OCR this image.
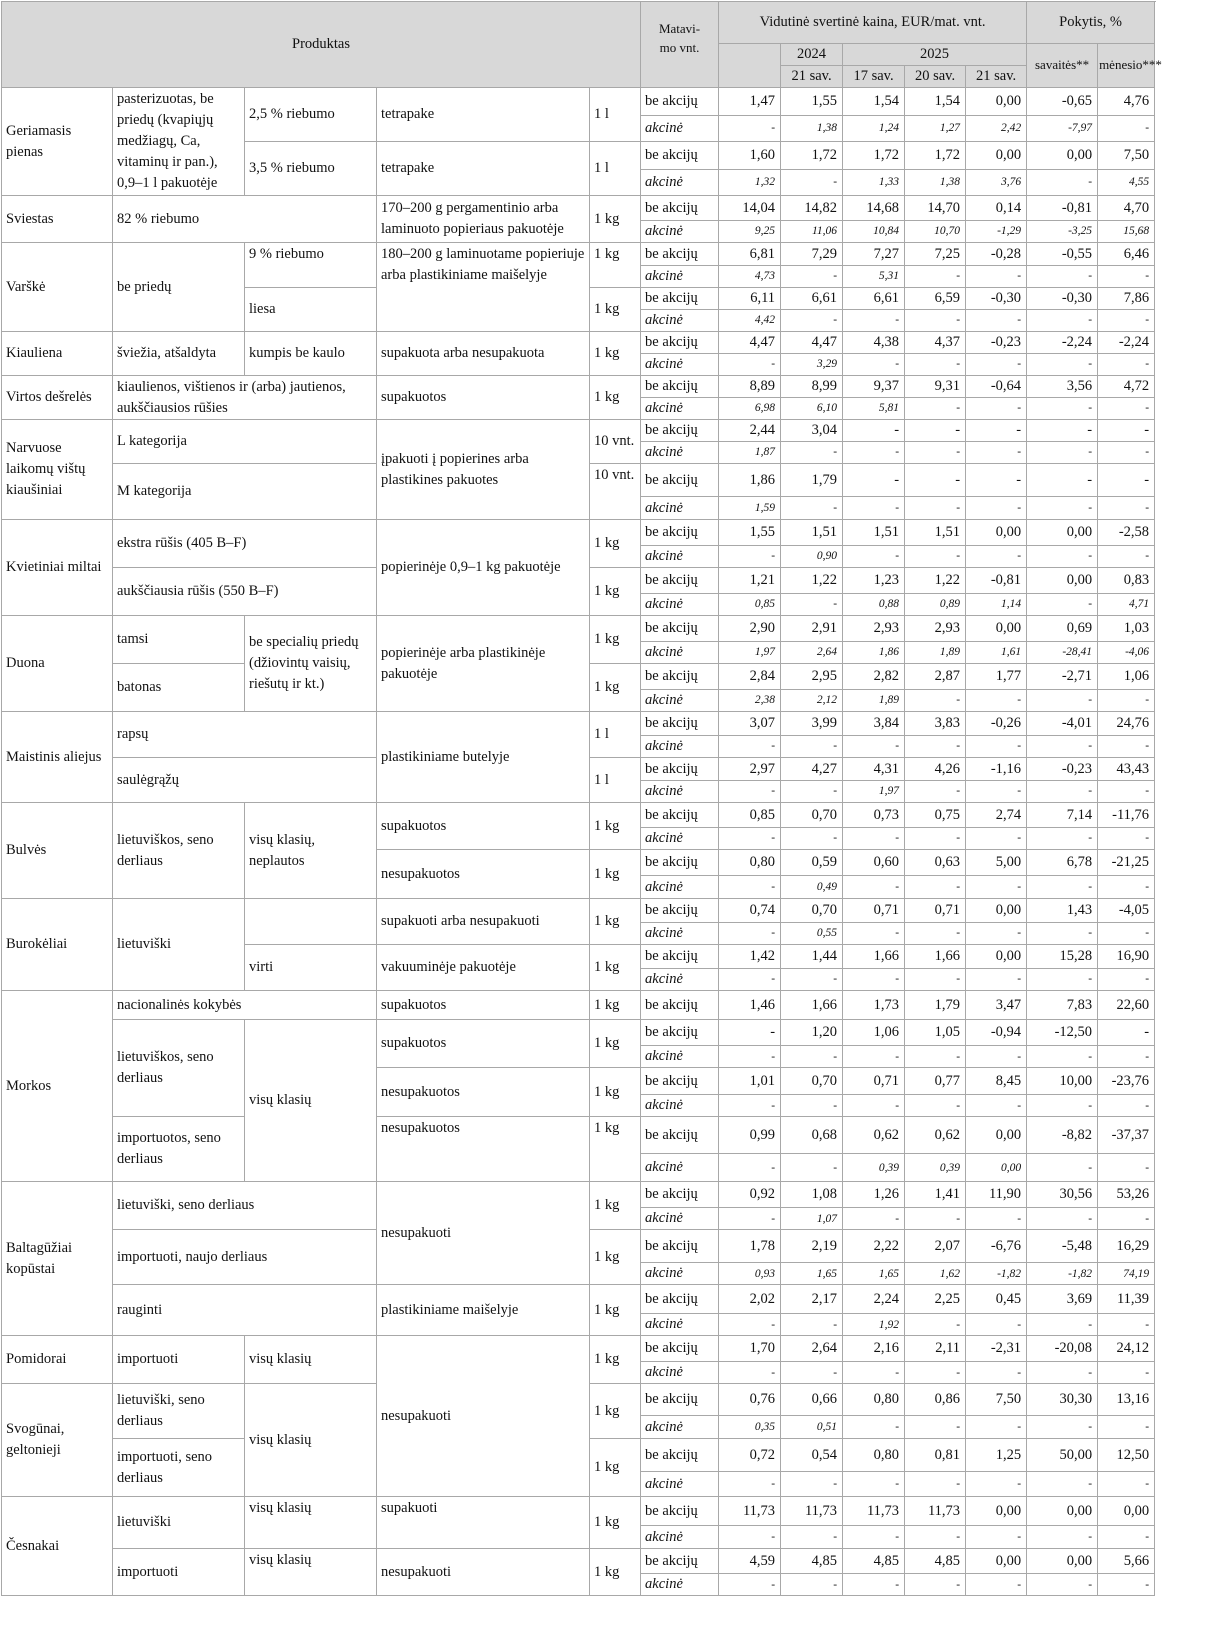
Produktas					Matavi-
mo vnt.	Vidutinė svertinė kaina, EUR/mat. vnt.					Pokytis, %		
							2024	2025			savaitės**	mėnesio***	
							21 sav.	17 sav.	20 sav.	21 sav.			
Geriamasis pienas	pasterizuotas, be priedų (kvapiųjų medžiagų, Ca, vitaminų ir pan.), 0,9–1 l pakuotėje	2,5 % riebumo	tetrapake	1 l	be akcijų	1,47	1,55	1,54	1,54	0,00	-0,65	4,76	
					akcinė	-	1,38	1,24	1,27	2,42	-7,97	-	
		3,5 % riebumo	tetrapake	1 l	be akcijų	1,60	1,72	1,72	1,72	0,00	0,00	7,50	
					akcinė	1,32	-	1,33	1,38	3,76	-	4,55	
Sviestas	82 % riebumo		170–200 g pergamentinio arba laminuoto popieriaus pakuotėje	1 kg	be akcijų	14,04	14,82	14,68	14,70	0,14	-0,81	4,70	
					akcinė	9,25	11,06	10,84	10,70	-1,29	-3,25	15,68	
Varškė	be priedų	9 % riebumo	180–200 g laminuotame popieriuje arba plastikiniame maišelyje	1 kg	be akcijų	6,81	7,29	7,27	7,25	-0,28	-0,55	6,46	
					akcinė	4,73	-	5,31	-	-	-	-	
		liesa		1 kg	be akcijų	6,11	6,61	6,61	6,59	-0,30	-0,30	7,86	
					akcinė	4,42	-	-	-	-	-	-	
Kiauliena	šviežia, atšaldyta	kumpis be kaulo	supakuota arba nesupakuota	1 kg	be akcijų	4,47	4,47	4,38	4,37	-0,23	-2,24	-2,24	
					akcinė	-	3,29	-	-	-	-	-	
Virtos dešrelės	kiaulienos, vištienos ir (arba) jautienos, aukščiausios rūšies		supakuotos	1 kg	be akcijų	8,89	8,99	9,37	9,31	-0,64	3,56	4,72	
					akcinė	6,98	6,10	5,81	-	-	-	-	
Narvuose laikomų vištų kiaušiniai	L kategorija		įpakuoti į popierines arba plastikines pakuotes	10 vnt.	be akcijų	2,44	3,04	-	-	-	-	-	
					akcinė	1,87	-	-	-	-	-	-	
	M kategorija			10 vnt.	be akcijų	1,86	1,79	-	-	-	-	-	
					akcinė	1,59	-	-	-	-	-	-	
Kvietiniai miltai	ekstra rūšis (405 B–F)		popierinėje 0,9–1 kg pakuotėje	1 kg	be akcijų	1,55	1,51	1,51	1,51	0,00	0,00	-2,58	
					akcinė	-	0,90	-	-	-	-	-	
	aukščiausia rūšis (550 B–F)			1 kg	be akcijų	1,21	1,22	1,23	1,22	-0,81	0,00	0,83	
					akcinė	0,85	-	0,88	0,89	1,14	-	4,71	
Duona	tamsi	be specialių priedų (džiovintų vaisių, riešutų ir kt.)	popierinėje arba plastikinėje pakuotėje	1 kg	be akcijų	2,90	2,91	2,93	2,93	0,00	0,69	1,03	
					akcinė	1,97	2,64	1,86	1,89	1,61	-28,41	-4,06	
	batonas			1 kg	be akcijų	2,84	2,95	2,82	2,87	1,77	-2,71	1,06	
					akcinė	2,38	2,12	1,89	-	-	-	-	
Maistinis aliejus	rapsų		plastikiniame butelyje	1 l	be akcijų	3,07	3,99	3,84	3,83	-0,26	-4,01	24,76	
					akcinė	-	-	-	-	-	-	-	
	saulėgrąžų			1 l	be akcijų	2,97	4,27	4,31	4,26	-1,16	-0,23	43,43	
					akcinė	-	-	1,97	-	-	-	-	
Bulvės	lietuviškos, seno derliaus	visų klasių, neplautos	supakuotos	1 kg	be akcijų	0,85	0,70	0,73	0,75	2,74	7,14	-11,76	
					akcinė	-	-	-	-	-	-	-	
			nesupakuotos	1 kg	be akcijų	0,80	0,59	0,60	0,63	5,00	6,78	-21,25	
					akcinė	-	0,49	-	-	-	-	-	
Burokėliai	lietuviški		supakuoti arba nesupakuoti	1 kg	be akcijų	0,74	0,70	0,71	0,71	0,00	1,43	-4,05	
					akcinė	-	0,55	-	-	-	-	-	
		virti	vakuuminėje pakuotėje	1 kg	be akcijų	1,42	1,44	1,66	1,66	0,00	15,28	16,90	
					akcinė	-	-	-	-	-	-	-	
Morkos	nacionalinės kokybės		supakuotos	1 kg	be akcijų	1,46	1,66	1,73	1,79	3,47	7,83	22,60	
	lietuviškos, seno derliaus	visų klasių	supakuotos	1 kg	be akcijų	-	1,20	1,06	1,05	-0,94	-12,50	-	
					akcinė	-	-	-	-	-	-	-	
			nesupakuotos	1 kg	be akcijų	1,01	0,70	0,71	0,77	8,45	10,00	-23,76	
					akcinė	-	-	-	-	-	-	-	
	importuotos, seno derliaus		nesupakuotos	1 kg	be akcijų	0,99	0,68	0,62	0,62	0,00	-8,82	-37,37	
					akcinė	-	-	0,39	0,39	0,00	-	-	
Baltagūžiai kopūstai	lietuviški, seno derliaus		nesupakuoti	1 kg	be akcijų	0,92	1,08	1,26	1,41	11,90	30,56	53,26	
					akcinė	-	1,07	-	-	-	-	-	
	importuoti, naujo derliaus			1 kg	be akcijų	1,78	2,19	2,22	2,07	-6,76	-5,48	16,29	
					akcinė	0,93	1,65	1,65	1,62	-1,82	-1,82	74,19	
	rauginti		plastikiniame maišelyje	1 kg	be akcijų	2,02	2,17	2,24	2,25	0,45	3,69	11,39	
					akcinė	-	-	1,92	-	-	-	-	
Pomidorai	importuoti	visų klasių	nesupakuoti	1 kg	be akcijų	1,70	2,64	2,16	2,11	-2,31	-20,08	24,12	
					akcinė	-	-	-	-	-	-	-	
Svogūnai, geltonieji	lietuviški, seno derliaus	visų klasių		1 kg	be akcijų	0,76	0,66	0,80	0,86	7,50	30,30	13,16	
					akcinė	0,35	0,51	-	-	-	-	-	
	importuoti, seno derliaus			1 kg	be akcijų	0,72	0,54	0,80	0,81	1,25	50,00	12,50	
					akcinė	-	-	-	-	-	-	-	
Česnakai	lietuviški	visų klasių	supakuoti	1 kg	be akcijų	11,73	11,73	11,73	11,73	0,00	0,00	0,00	
					akcinė	-	-	-	-	-	-	-	
	importuoti	visų klasių	nesupakuoti	1 kg	be akcijų	4,59	4,85	4,85	4,85	0,00	0,00	5,66	
					akcinė	-	-	-	-	-	-	-	
